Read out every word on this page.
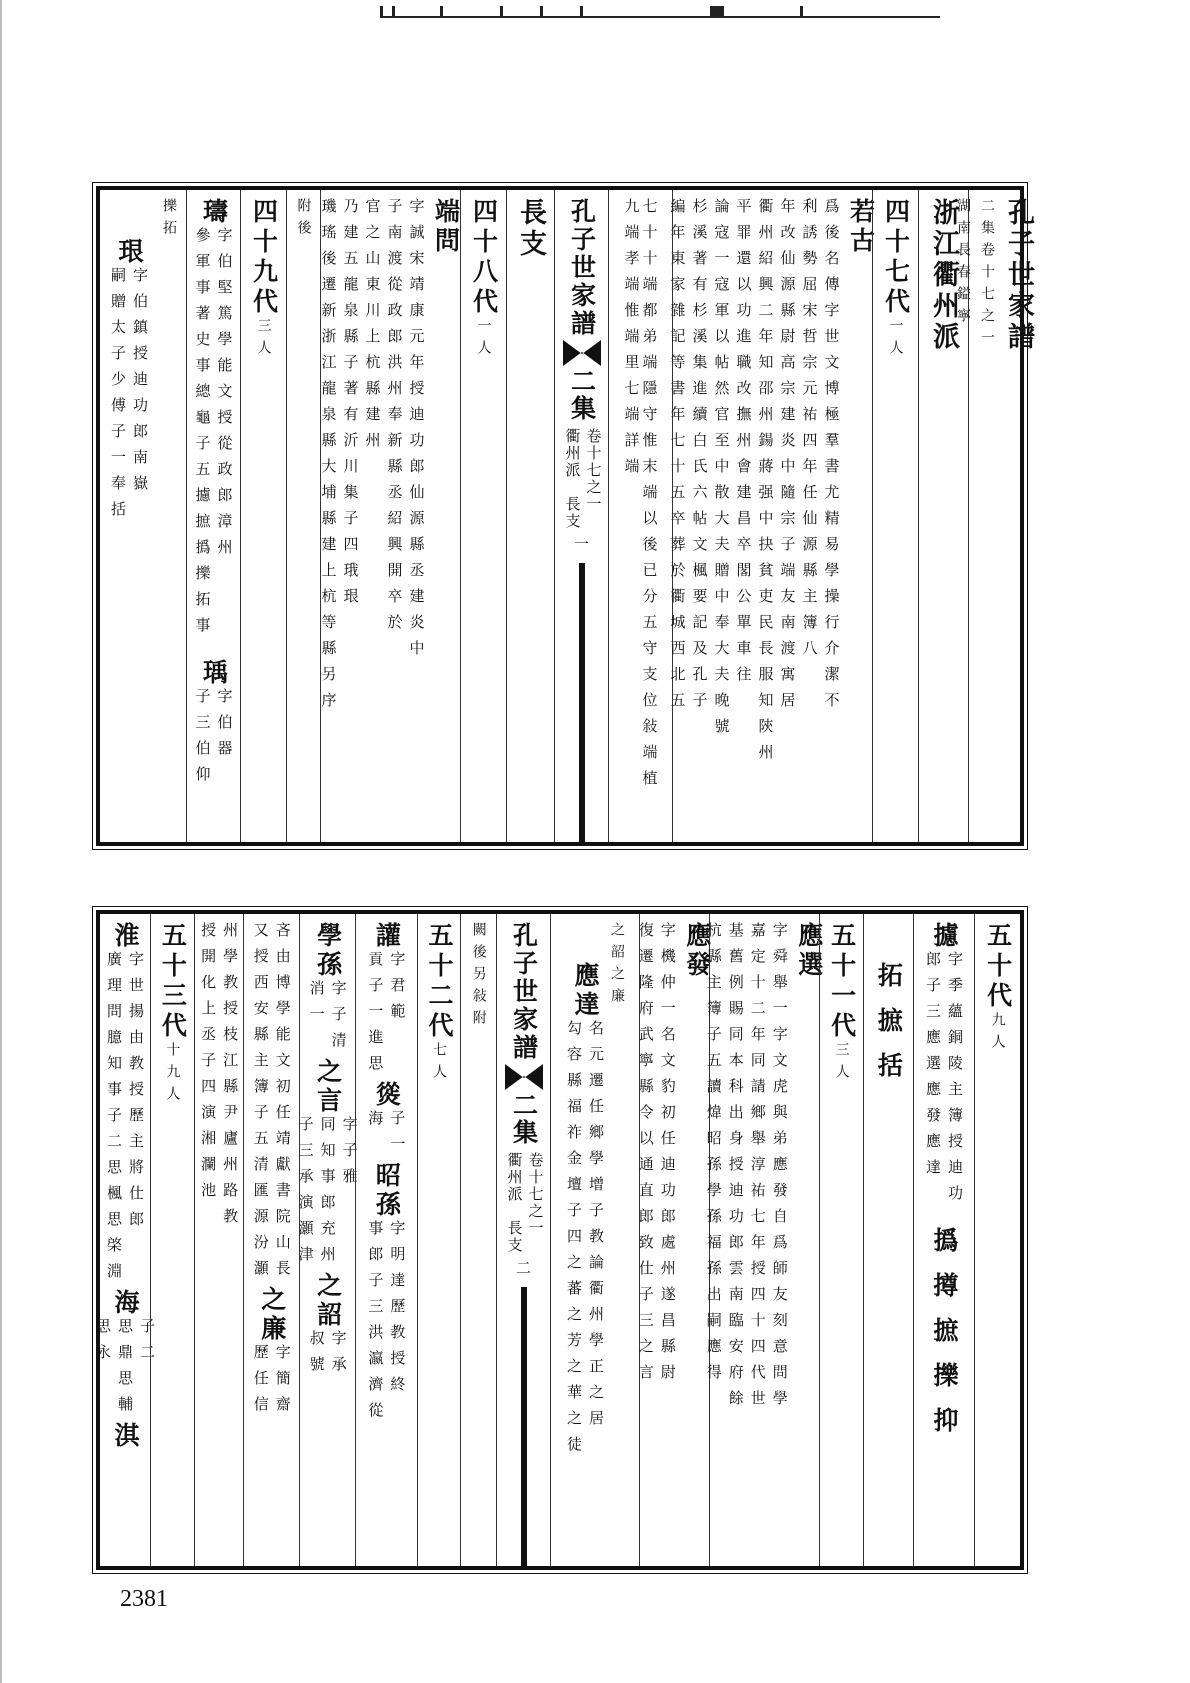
孔子世家譜
二集卷十七之一
湖南長春鎰寧
浙江衢州派
四十七代
一人
若古
爲後名傳字世文博極羣書尤精易學操行介潔不
利誘勢屈宋哲宗元祐四年任仙源縣主簿八
年改仙源縣尉高宗建炎中隨宗子端友南渡寓居
衢州紹興二年知邵州鍚蔣强中抉貧吏民長服知陝州
平罪還以功進職改撫州會建昌卒閣公單車往
論寇一寇軍以帖然官至中散大夫贈中奉大夫晚號
杉溪著有杉溪集進續白氏六帖文楓要記及孔子
編年東家雜記等書年七十五卒葬於衢城西北五
七十十端都弟端隱守惟末端以後已分五守支位敍端植九端孝端惟端里七端詳端
孔子世家譜
二集
卷十七之一
衢州派　長支
一
長支
四十八代
一人
端問
字誠宋靖康元年授迪功郎仙源縣丞建炎中
子南渡從政郎洪州奉新縣丞紹興開卒於
官之山東川上杭縣建州
乃建五龍泉縣子著有沂川集子四珴珢
璣瑤後遷新浙江龍泉縣大埔縣建上杭等縣另序
附後
四十九代
三人
璹
字伯堅篤學能文授從政郎漳州
參軍事著史事總龜子五攄摭撝擽拓事
瑀
字伯器
子三伯仰
擽拓
珢
字伯鎮授迪功郎南嶽
嗣贈太子少傅子一奉括
五十代
九人
攄
字季蘊銅陵主簿授迪功
郎子三應選應發應達
撝
撙
摭
擽
抑
拓
摭
括
五十一代
三人
應選
字舜舉一字文虎與弟應發自爲師友刻意問學
嘉定十二年同請鄉舉淳祐七年授四十四代世
基舊例賜同本科出身授迪功郎雲南臨安府餘
杭縣主簿子五讀煒昭孫學孫福孫出嗣應得
應發
字機仲一名文豹初任迪功郎處州遂昌縣尉
復遷隆府武寧縣令以通直郎致仕子三之言
之韶之廉
應達
名元遷任鄉學增子教論衢州學正之居
勾容縣福祚金壇子四之蕃之芳之華之徒
孔子世家譜
二集
卷十七之一
衢州派　長支
二
闕後另敍附
五十二代
七人
讙
字君範
貢子一進思
熧
子一
海
昭孫
字明達歷教授終
事郎子三洪瀛濟從
學孫
字子清
消一
之言
字子雅
同知事郎充州
子三承演灝津
之詔
字承
叔號
吝由博學能文初任靖獻書院山長
又授西安縣主簿子五清匯源汾灝
之廉
字簡齋
歷任信
州學教授枝江縣尹廬州路教
授開化上丞子四演湘瀾池
五十三代
十九人
淮
字世揚由教授歷主將仕郎
廣理問臆知事子二思楓思棨淵
海
子二
思鼎思輔
思永
淇
2381
